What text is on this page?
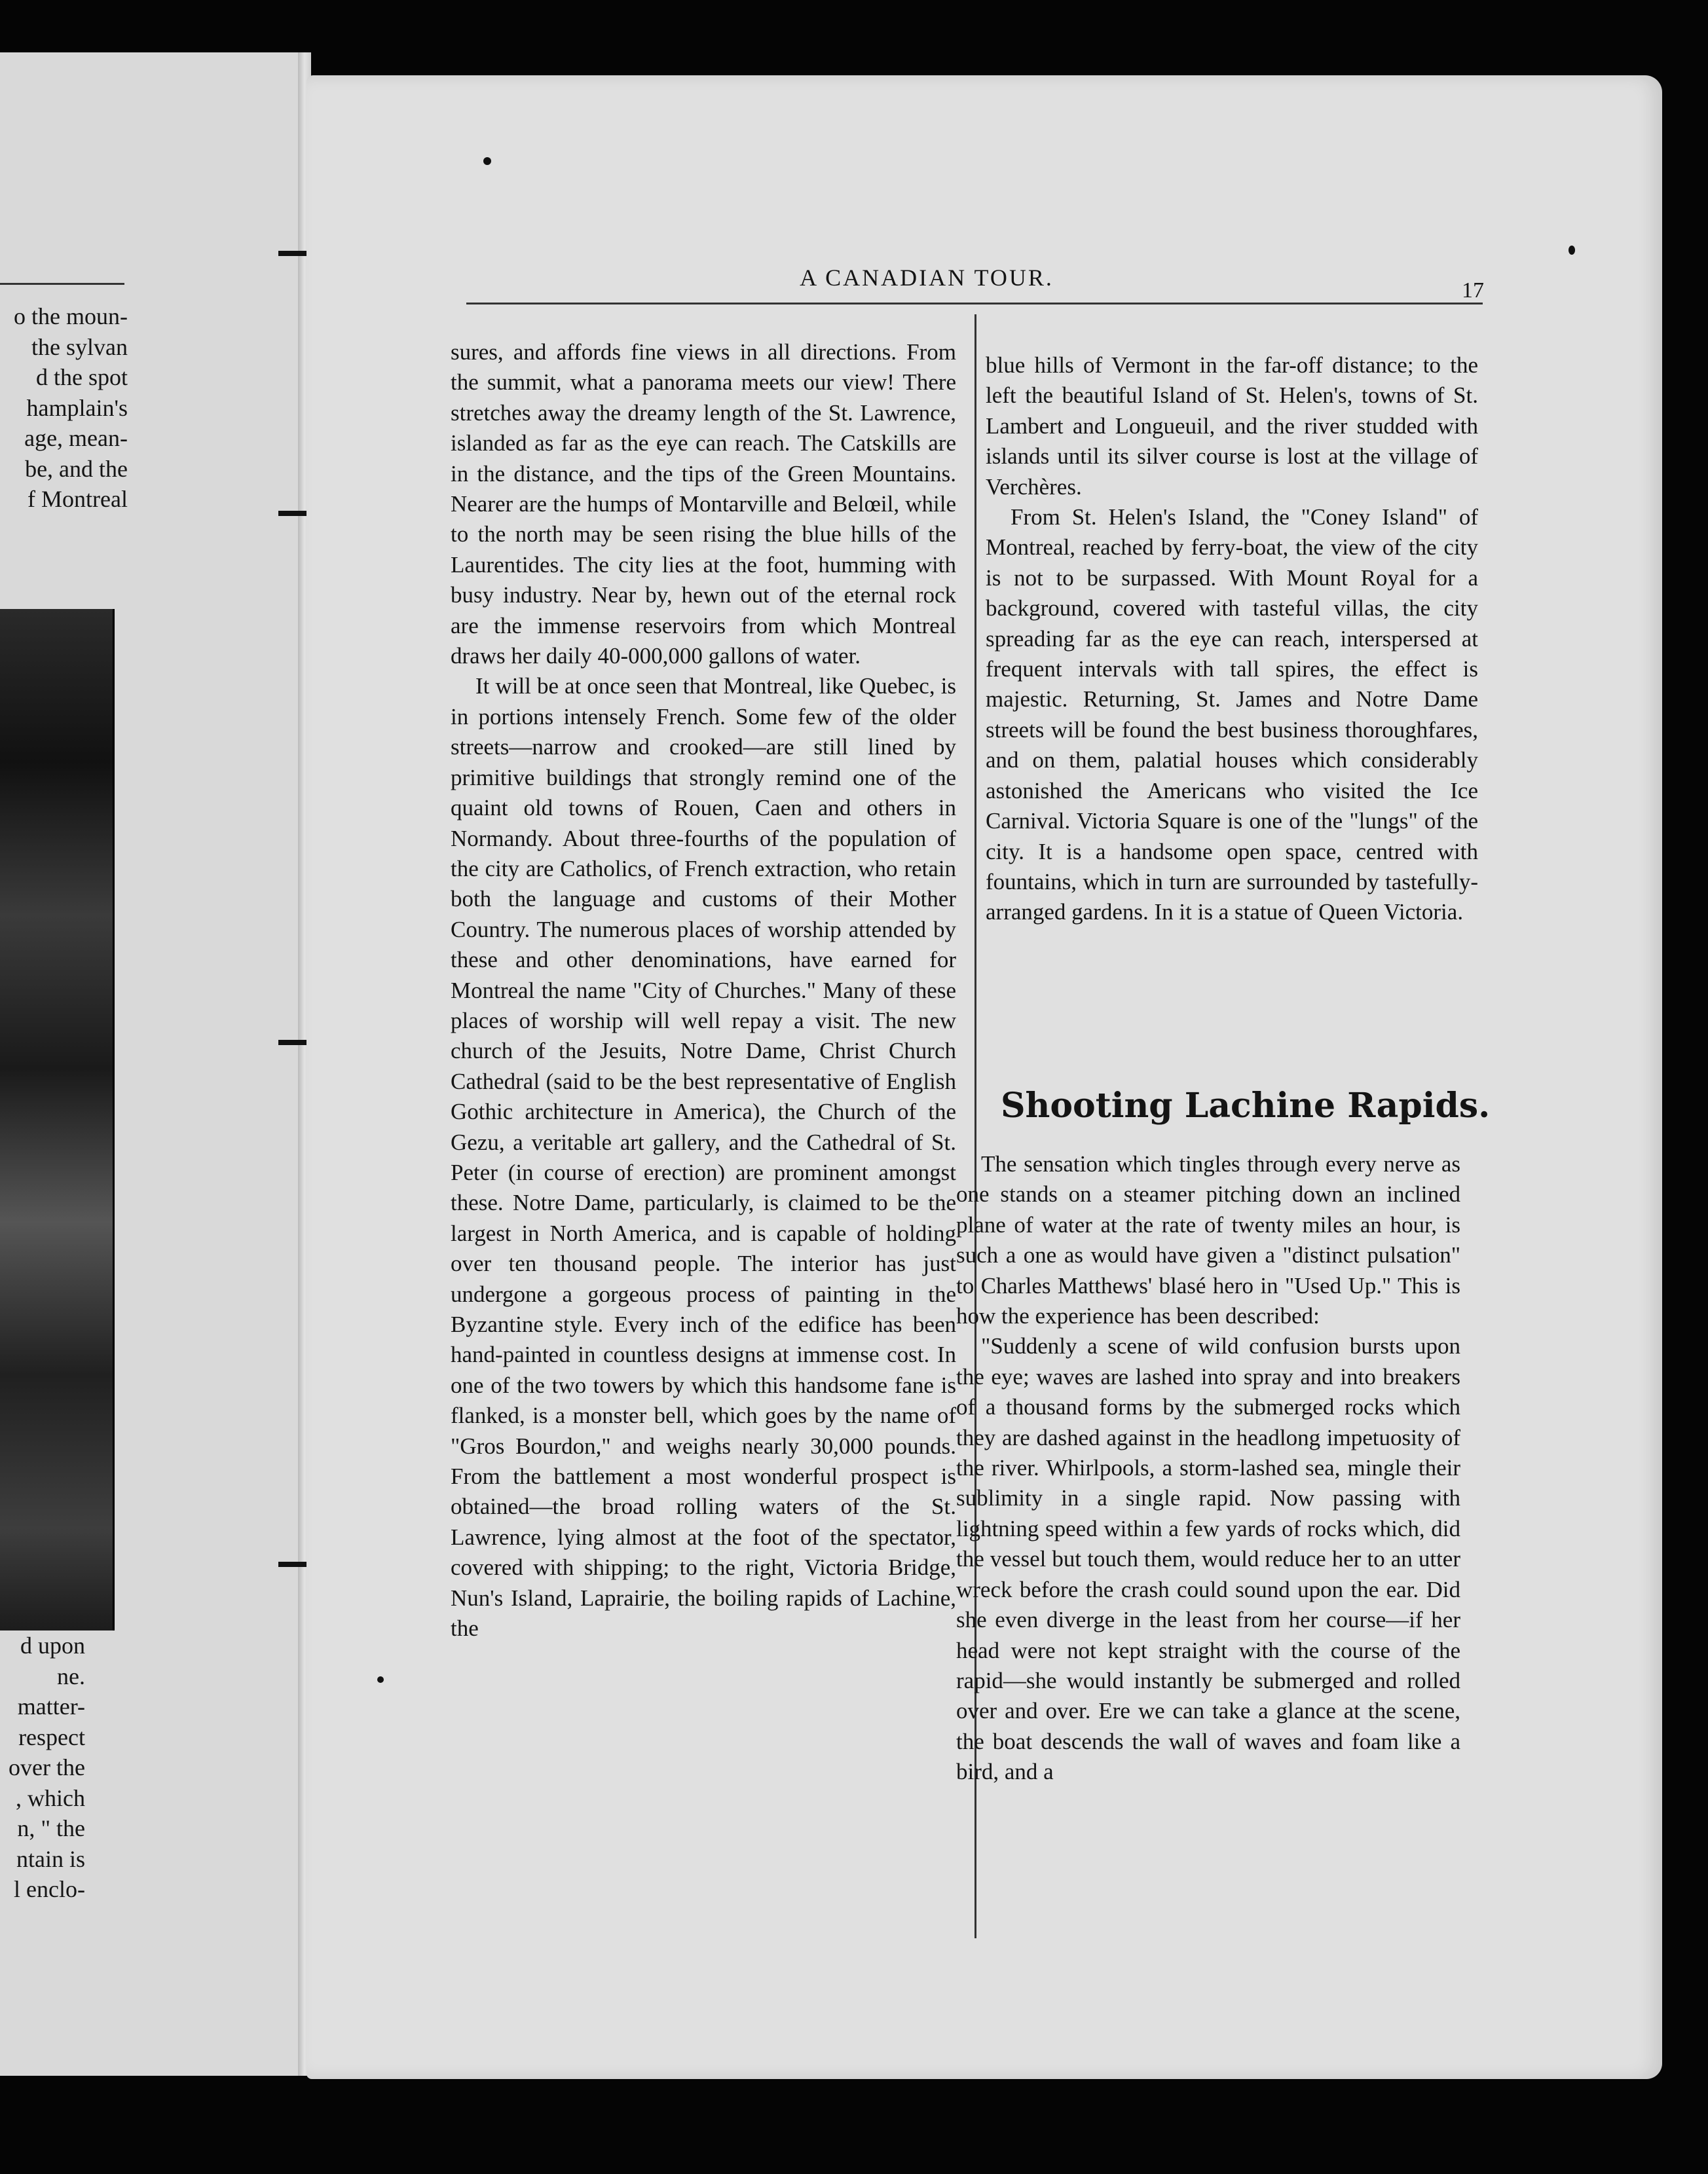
o the moun-
the sylvan
d the spot
hamplain's
age, mean-
be, and the
f Montreal
d upon
ne.
matter-
respect
over the
, which
n, " the
ntain is
l enclo-
A CANADIAN TOUR.	17

sures, and affords fine views in all directions. From the summit, what a panorama meets our view! There stretches away the dreamy length of the St. Lawrence, islanded as far as the eye can reach. The Catskills are in the distance, and the tips of the Green Mountains. Nearer are the humps of Montarville and Belœil, while to the north may be seen rising the blue hills of the Laurentides. The city lies at the foot, humming with busy industry. Near by, hewn out of the eternal rock are the immense reservoirs from which Montreal draws her daily 40-000,000 gallons of water.

It will be at once seen that Montreal, like Quebec, is in portions intensely French. Some few of the older streets—narrow and crooked—are still lined by primitive buildings that strongly remind one of the quaint old towns of Rouen, Caen and others in Normandy. About three-fourths of the population of the city are Catholics, of French extraction, who retain both the language and customs of their Mother Country. The numerous places of worship attended by these and other denominations, have earned for Montreal the name "City of Churches." Many of these places of worship will well repay a visit. The new church of the Jesuits, Notre Dame, Christ Church Cathedral (said to be the best representative of English Gothic architecture in America), the Church of the Gezu, a veritable art gallery, and the Cathedral of St. Peter (in course of erection) are prominent amongst these. Notre Dame, particularly, is claimed to be the largest in North America, and is capable of holding over ten thousand people. The interior has just undergone a gorgeous process of painting in the Byzantine style. Every inch of the edifice has been hand-painted in countless designs at immense cost. In one of the two towers by which this handsome fane is flanked, is a monster bell, which goes by the name of "Gros Bourdon," and weighs nearly 30,000 pounds. From the battlement a most wonderful prospect is obtained—the broad rolling waters of the St. Lawrence, lying almost at the foot of the spectator, covered with shipping; to the right, Victoria Bridge, Nun's Island, Laprairie, the boiling rapids of Lachine, the

blue hills of Vermont in the far-off distance; to the left the beautiful Island of St. Helen's, towns of St. Lambert and Longueuil, and the river studded with islands until its silver course is lost at the village of Verchères.

From St. Helen's Island, the "Coney Island" of Montreal, reached by ferry-boat, the view of the city is not to be surpassed. With Mount Royal for a background, covered with tasteful villas, the city spreading far as the eye can reach, interspersed at frequent intervals with tall spires, the effect is majestic. Returning, St. James and Notre Dame streets will be found the best business thoroughfares, and on them, palatial houses which considerably astonished the Americans who visited the Ice Carnival. Victoria Square is one of the "lungs" of the city. It is a handsome open space, centred with fountains, which in turn are surrounded by tastefully-arranged gardens. In it is a statue of Queen Victoria.

Shooting Lachine Rapids.

The sensation which tingles through every nerve as one stands on a steamer pitching down an inclined plane of water at the rate of twenty miles an hour, is such a one as would have given a "distinct pulsation" to Charles Matthews' blasé hero in "Used Up." This is how the experience has been described:

"Suddenly a scene of wild confusion bursts upon the eye; waves are lashed into spray and into breakers of a thousand forms by the submerged rocks which they are dashed against in the headlong impetuosity of the river. Whirlpools, a storm-lashed sea, mingle their sublimity in a single rapid. Now passing with lightning speed within a few yards of rocks which, did the vessel but touch them, would reduce her to an utter wreck before the crash could sound upon the ear. Did she even diverge in the least from her course—if her head were not kept straight with the course of the rapid—she would instantly be submerged and rolled over and over. Ere we can take a glance at the scene, the boat descends the wall of waves and foam like a bird, and a
